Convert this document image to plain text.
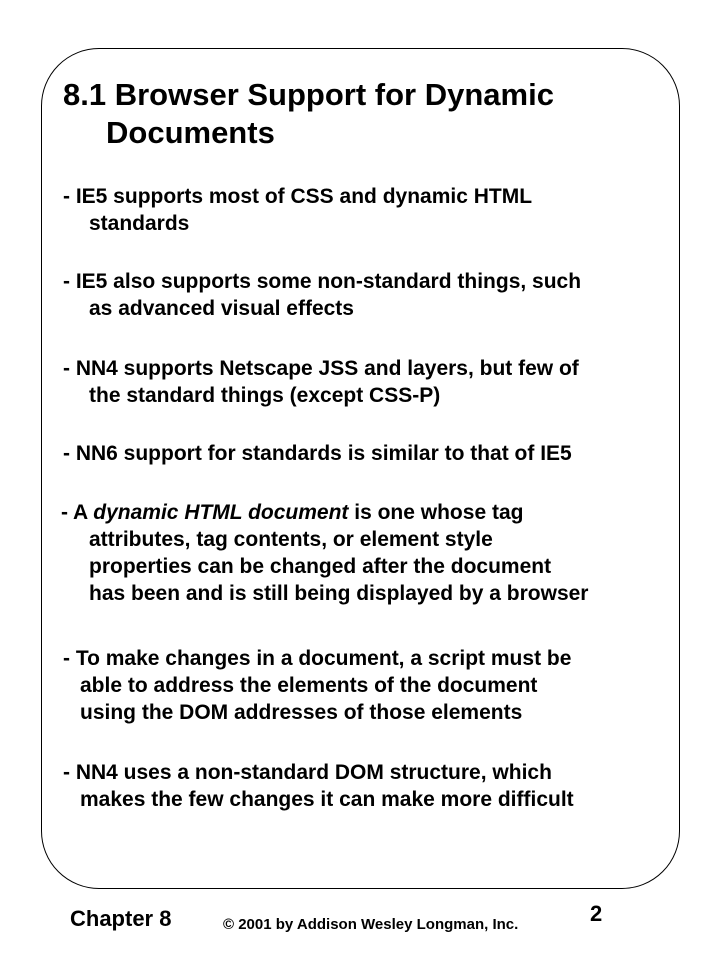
8.1 Browser Support for Dynamic
Documents

- IE5 supports most of CSS and dynamic HTML
standards

- IE5 also supports some non-standard things, such
as advanced visual effects

- NN4 supports Netscape JSS and layers, but few of
the standard things (except CSS-P)

- NN6 support for standards is similar to that of IE5

- A dynamic HTML document is one whose tag
attributes, tag contents, or element style
properties can be changed after the document
has been and is still being displayed by a browser

- To make changes in a document, a script must be
able to address the elements of the document
using the DOM addresses of those elements

- NN4 uses a non-standard DOM structure, which
makes the few changes it can make more difficult

Chapter 8	© 2001 by Addison Wesley Longman, Inc.	2
